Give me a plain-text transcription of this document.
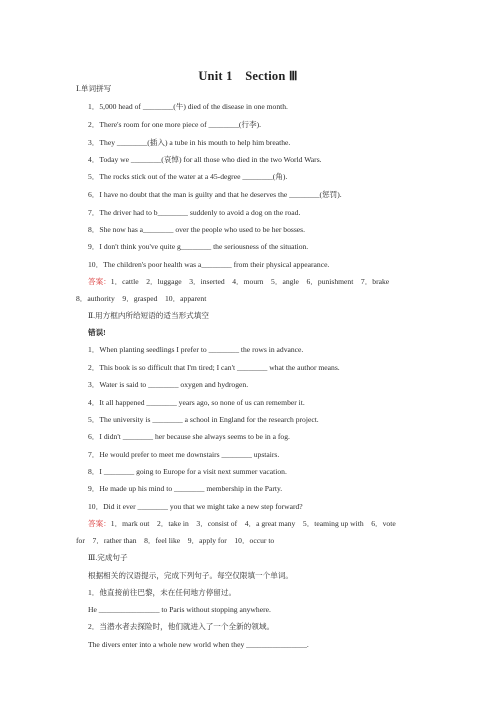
Unit 1　Section Ⅲ
Ⅰ.单词拼写
1．5,000 head of ________(牛) died of the disease in one month.
2．There's room for one more piece of ________(行李).
3．They ________(插入) a tube in his mouth to help him breathe.
4．Today we ________(哀悼) for all those who died in the two World Wars.
5．The rocks stick out of the water at a 45-degree ________(角).
6．I have no doubt that the man is guilty and that he deserves the ________(惩罚).
7．The driver had to b________ suddenly to avoid a dog on the road.
8．She now has a________ over the people who used to be her bosses.
9．I don't think you've quite g________ the seriousness of the situation.
10．The children's poor health was a________ from their physical appearance.
答案：1．cattle　2．luggage　3．inserted　4．mourn　5．angle　6．punishment　7．brake
8．authority　9．grasped　10．apparent
Ⅱ.用方框内所给短语的适当形式填空
错误!
1．When planting seedlings I prefer to ________ the rows in advance.
2．This book is so difficult that I'm tired; I can't ________ what the author means.
3．Water is said to ________ oxygen and hydrogen.
4．It all happened ________ years ago, so none of us can remember it.
5．The university is ________ a school in England for the research project.
6．I didn't ________ her because she always seems to be in a fog.
7．He would prefer to meet me downstairs ________ upstairs.
8．I ________ going to Europe for a visit next summer vacation.
9．He made up his mind to ________ membership in the Party.
10．Did it ever ________ you that we might take a new step forward?
答案：1．mark out　2．take in　3．consist of　4．a great many　5．teaming up with　6．vote
for　7．rather than　8．feel like　9．apply for　10．occur to
Ⅲ.完成句子
根据相关的汉语提示，完成下列句子。每空仅限填一个单词。
1．他直接前往巴黎，未在任何地方停留过。
He ________________ to Paris without stopping anywhere.
2．当潜水者去探险时，他们就进入了一个全新的领域。
The divers enter into a whole new world when they ________________.
